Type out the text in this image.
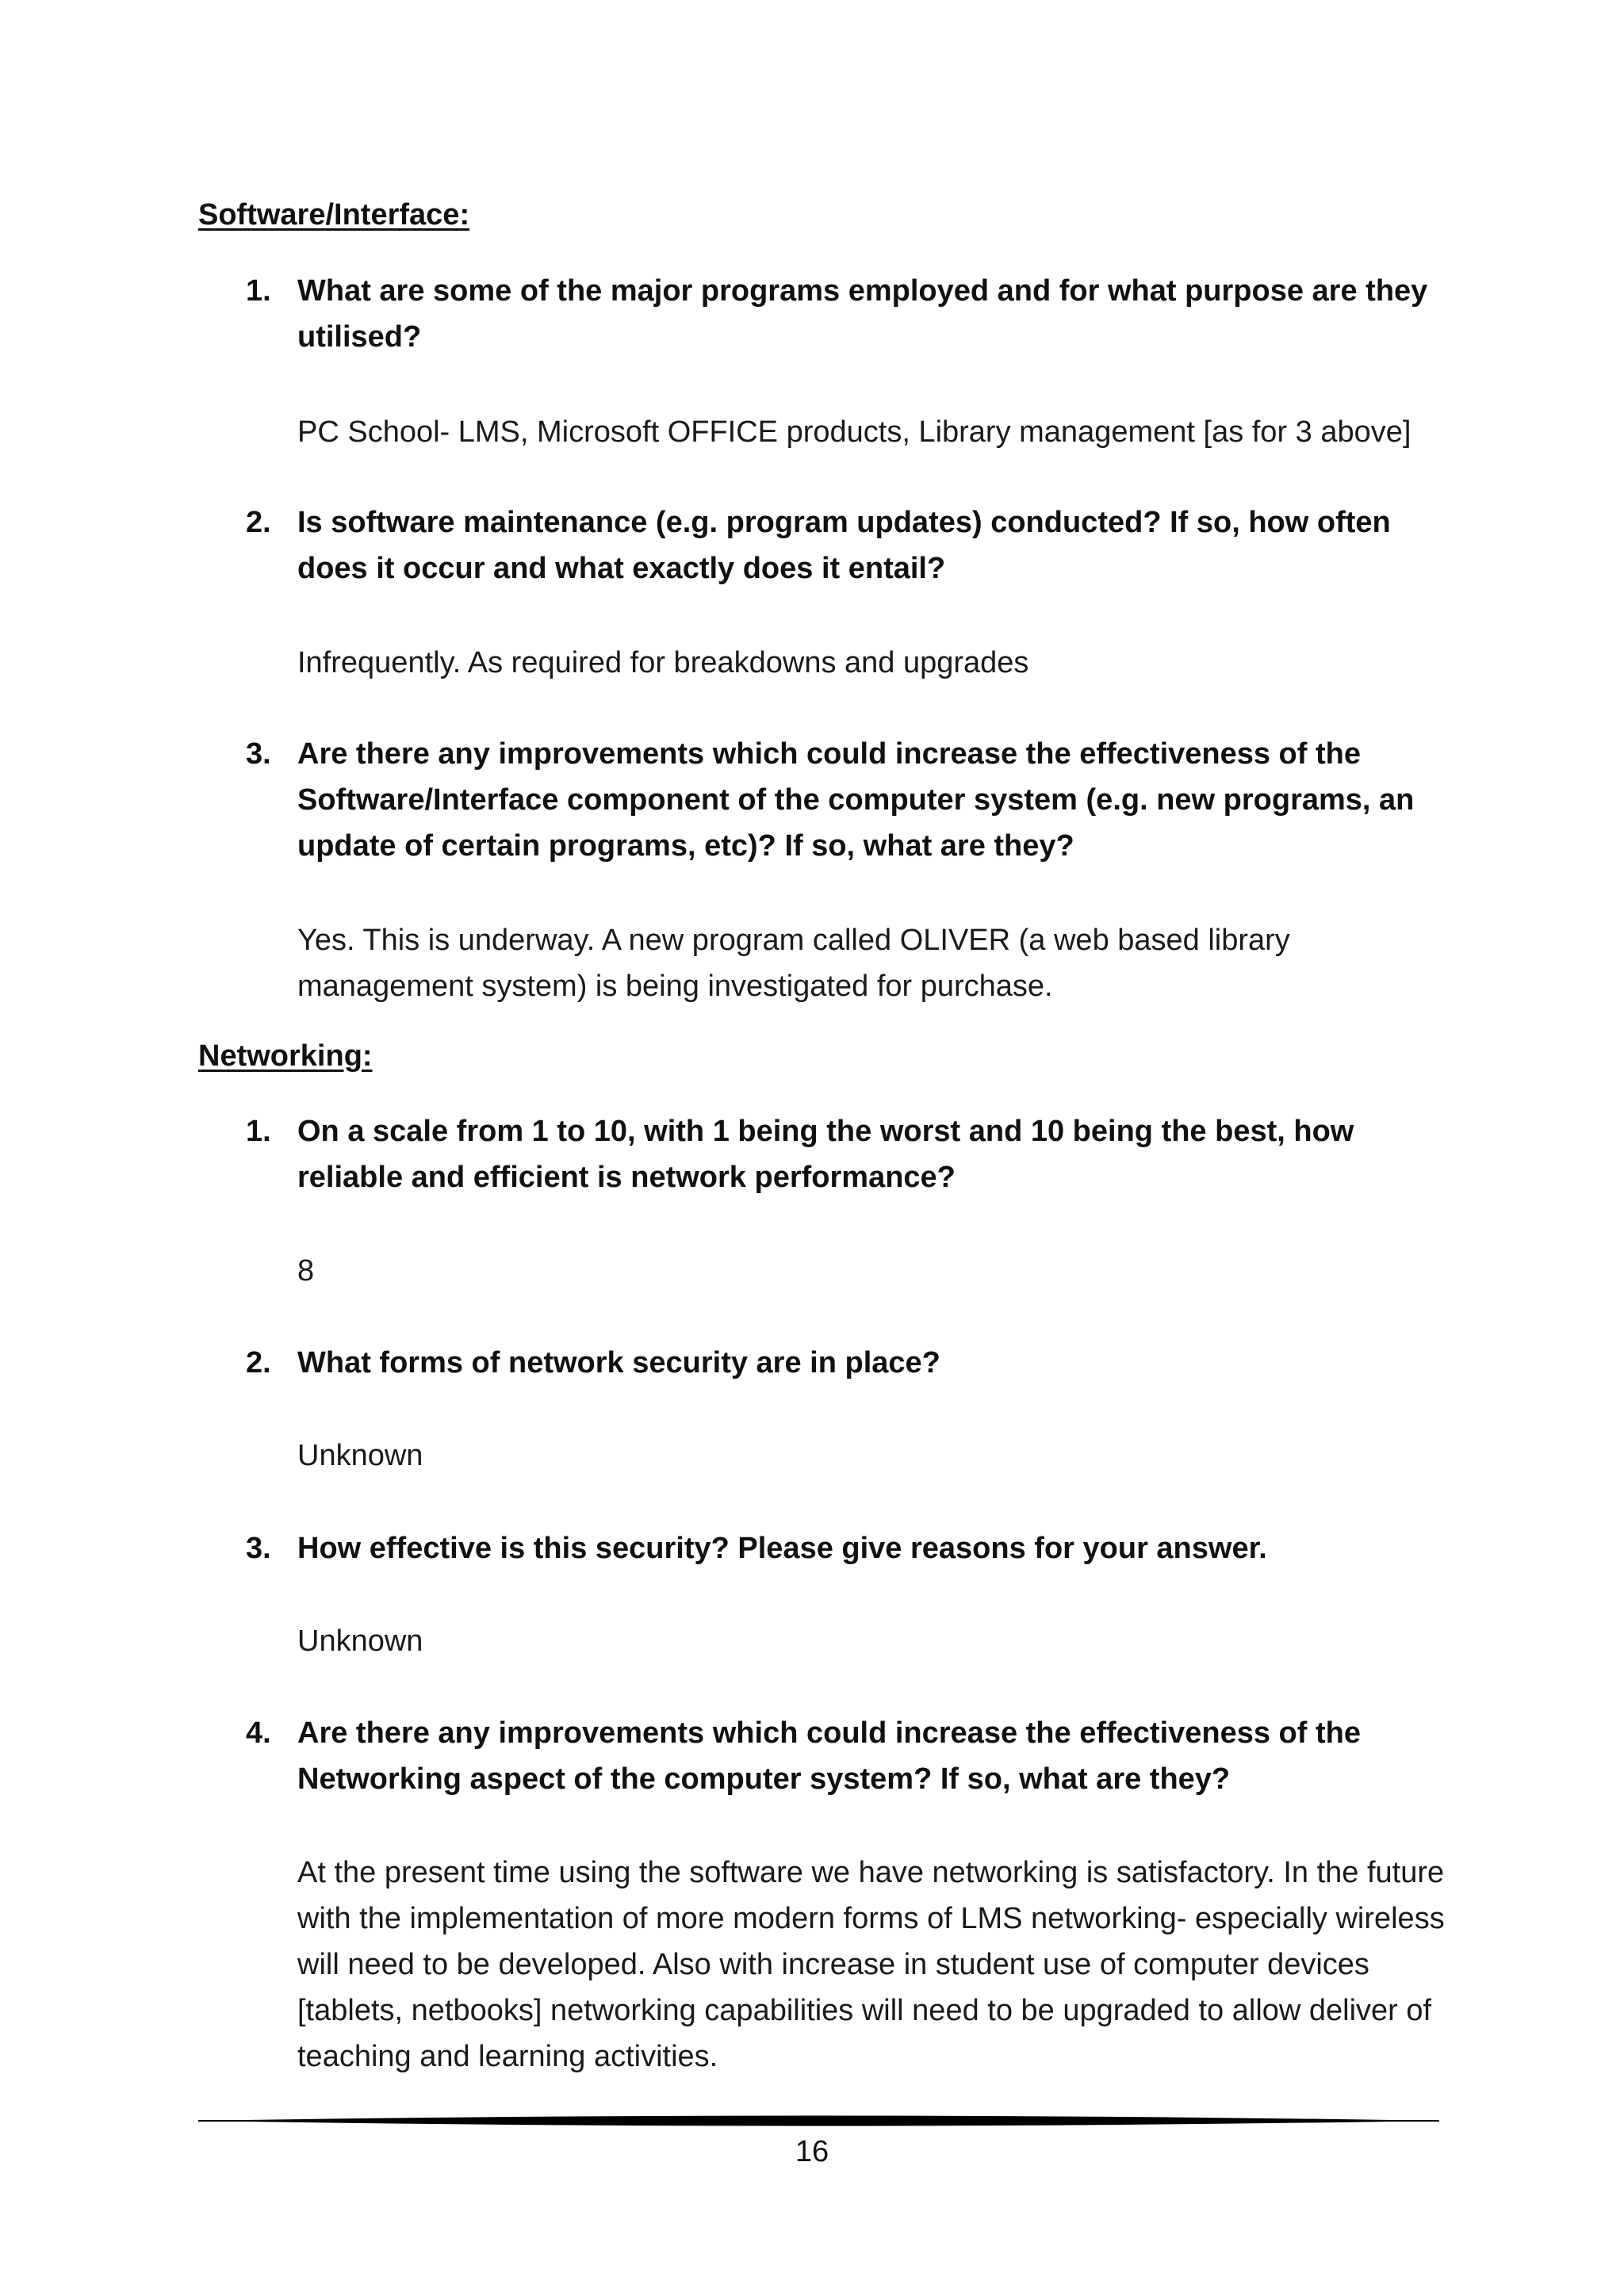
Software/Interface:
1. What are some of the major programs employed and for what purpose are they utilised?
PC School- LMS, Microsoft OFFICE products, Library management [as for 3 above]
2. Is software maintenance (e.g. program updates) conducted? If so, how often does it occur and what exactly does it entail?
Infrequently. As required for breakdowns and upgrades
3. Are there any improvements which could increase the effectiveness of the Software/Interface component of the computer system (e.g. new programs, an update of certain programs, etc)? If so, what are they?
Yes. This is underway. A new program called OLIVER (a web based library management system) is being investigated for purchase.
Networking:
1. On a scale from 1 to 10, with 1 being the worst and 10 being the best, how reliable and efficient is network performance?
8
2. What forms of network security are in place?
Unknown
3. How effective is this security? Please give reasons for your answer.
Unknown
4. Are there any improvements which could increase the effectiveness of the Networking aspect of the computer system? If so, what are they?
At the present time using the software we have networking is satisfactory. In the future with the implementation of more modern forms of LMS networking- especially wireless will need to be developed. Also with increase in student use of computer devices [tablets, netbooks] networking capabilities will need to be upgraded to allow deliver of teaching and learning activities.
16
